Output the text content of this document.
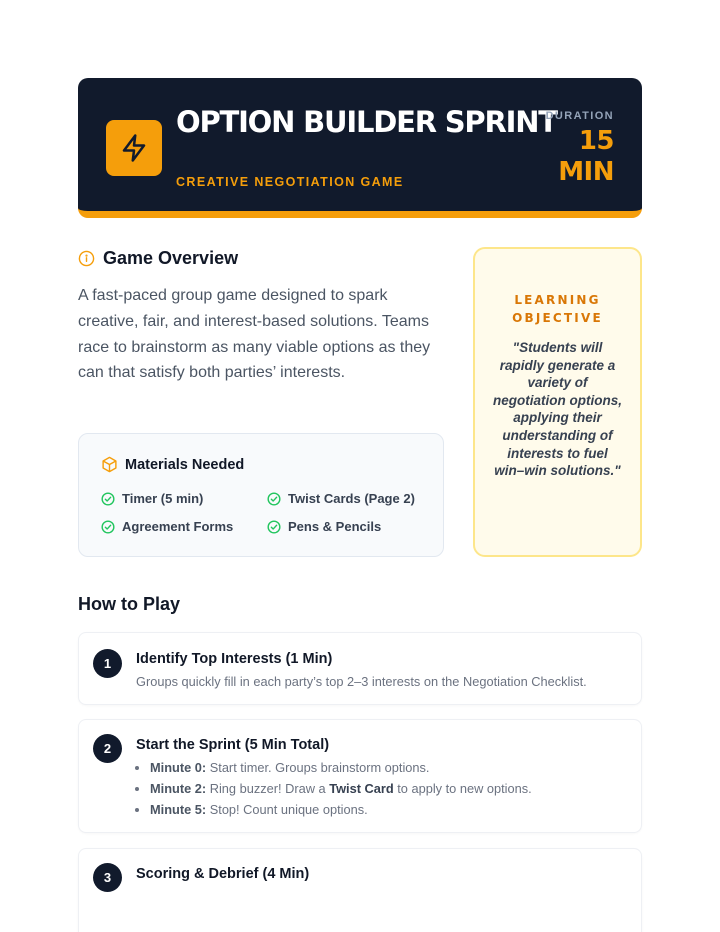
OPTION BUILDER SPRINT
CREATIVE NEGOTIATION GAME
DURATION
15
MIN
Game Overview

A fast-paced group game designed to spark creative, fair, and interest-based solutions. Teams race to brainstorm as many viable options as they can that satisfy both parties’ interests.

Materials Needed
Timer (5 min)	Twist Cards (Page 2)
Agreement Forms	Pens & Pencils
LEARNING OBJECTIVE

"Students will rapidly generate a variety of negotiation options, applying their understanding of interests to fuel win–win solutions."

How to Play
1	Identify Top Interests (1 Min)
Groups quickly fill in each party’s top 2–3 interests on the Negotiation Checklist.
2	Start the Sprint (5 Min Total)
• Minute 0: Start timer. Groups brainstorm options.
• Minute 2: Ring buzzer! Draw a Twist Card to apply to new options.
• Minute 5: Stop! Count unique options.
3	Scoring & Debrief (4 Min)
